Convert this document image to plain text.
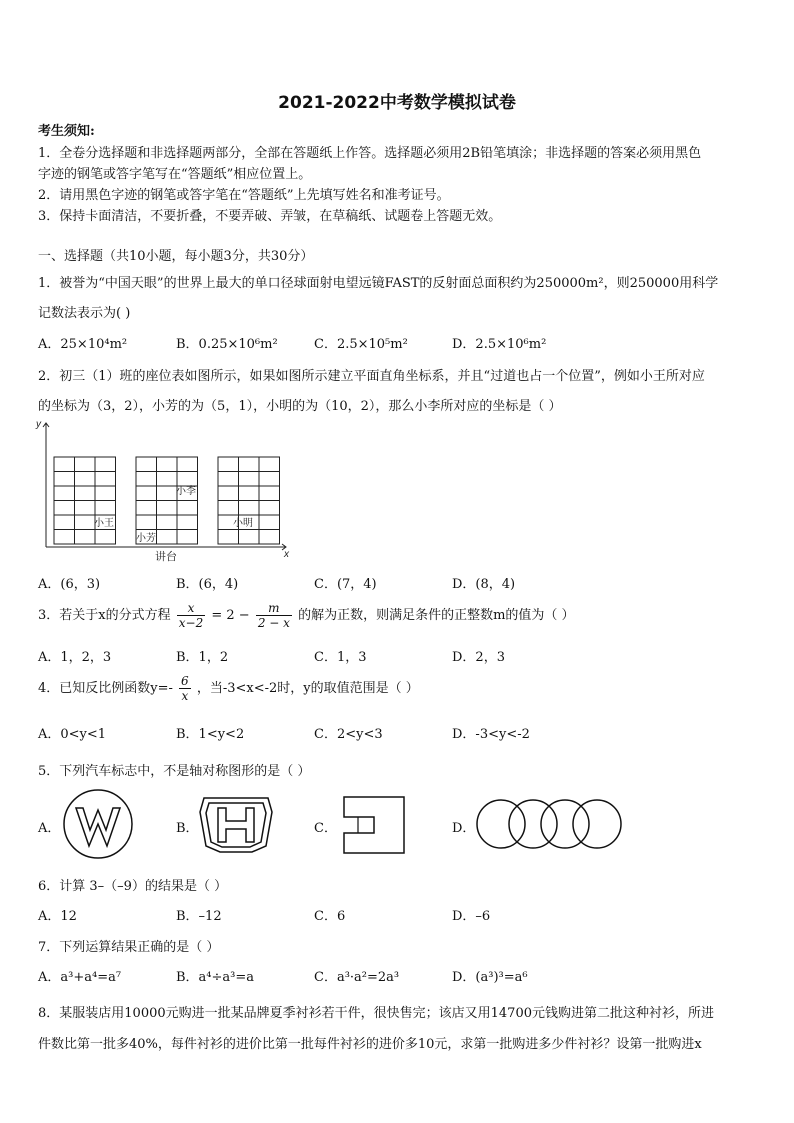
2021-2022中考数学模拟试卷
考生须知:
1．全卷分选择题和非选择题两部分，全部在答题纸上作答。选择题必须用2B铅笔填涂；非选择题的答案必须用黑色
字迹的钢笔或答字笔写在“答题纸”相应位置上。
2．请用黑色字迹的钢笔或答字笔在“答题纸”上先填写姓名和准考证号。
3．保持卡面清洁，不要折叠，不要弄破、弄皱，在草稿纸、试题卷上答题无效。
一、选择题（共10小题，每小题3分，共30分）
1．被誉为“中国天眼”的世界上最大的单口径球面射电望远镜FAST的反射面总面积约为250000m²，则250000用科学
记数法表示为( )
A．25×10⁴m²	B．0.25×10⁶m²	C．2.5×10⁵m²	D．2.5×10⁶m²
2．初三（1）班的座位表如图所示，如果如图所示建立平面直角坐标系，并且“过道也占一个位置”，例如小王所对应
的坐标为（3，2），小芳的为（5，1），小明的为（10，2），那么小李所对应的坐标是（ ）
y
x
小王
小芳
小李
小明
讲台
A．(6，3)	B．(6，4)	C．(7，4)	D．(8，4)
3．若关于x的分式方程 $\frac{x}{x-2} = 2 - \frac{m}{2 - x}$ 的解为正数，则满足条件的正整数m的值为（ ）
A．1，2，3	B．1，2	C．1，3	D．2，3
4．已知反比例函数$y=- \frac{6}{x}$ ，当-3<x<-2时，y的取值范围是（ ）
A．0<y<1	B．1<y<2	C．2<y<3	D．-3<y<-2
5．下列汽车标志中，不是轴对称图形的是（ ）
A．	B．	C．	D．
6．计算 3–（–9）的结果是（ ）
A．12	B．–12	C．6	D．–6
7．下列运算结果正确的是（ ）
A．a³+a⁴=a⁷	B．a⁴÷a³=a	C．a³·a²=2a³	D．(a³)³=a⁶
8．某服装店用10000元购进一批某品牌夏季衬衫若干件，很快售完；该店又用14700元钱购进第二批这种衬衫，所进
件数比第一批多40%，每件衬衫的进价比第一批每件衬衫的进价多10元，求第一批购进多少件衬衫？设第一批购进x
